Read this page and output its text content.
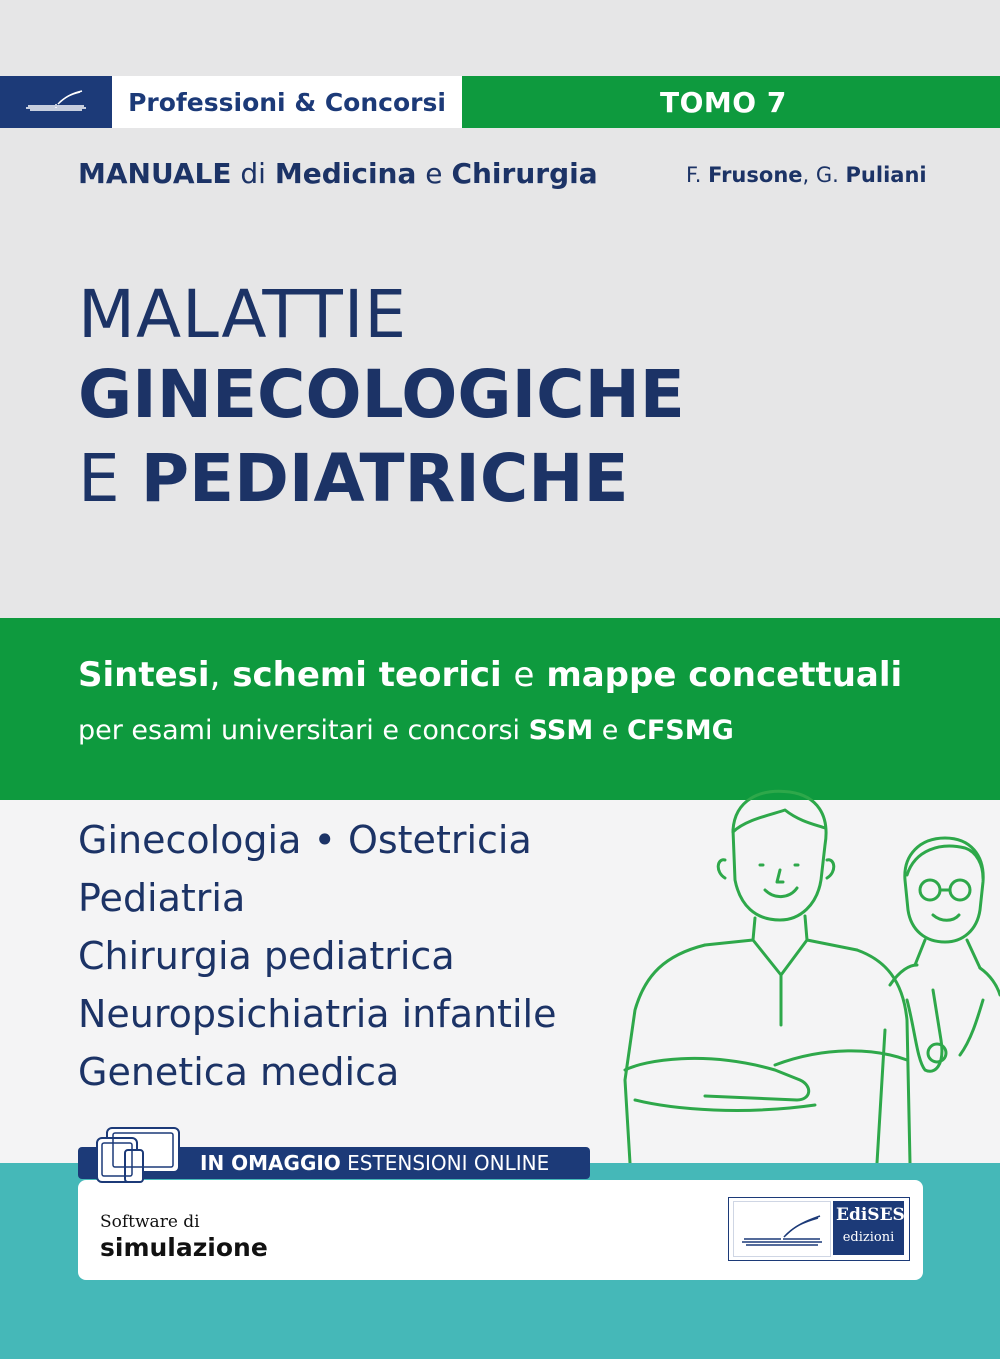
Professioni & Concorsi	TOMO 7
MANUALE di Medicina e Chirurgia	F. Frusone, G. Puliani
MALATTIE
GINECOLOGICHE
E PEDIATRICHE
Sintesi, schemi teorici e mappe concettuali
per esami universitari e concorsi SSM e CFSMG
Ginecologia • Ostetricia
Pediatria
Chirurgia pediatrica
Neuropsichiatria infantile
Genetica medica
IN OMAGGIO ESTENSIONI ONLINE
Software di
simulazione
EdiSES
edizioni
